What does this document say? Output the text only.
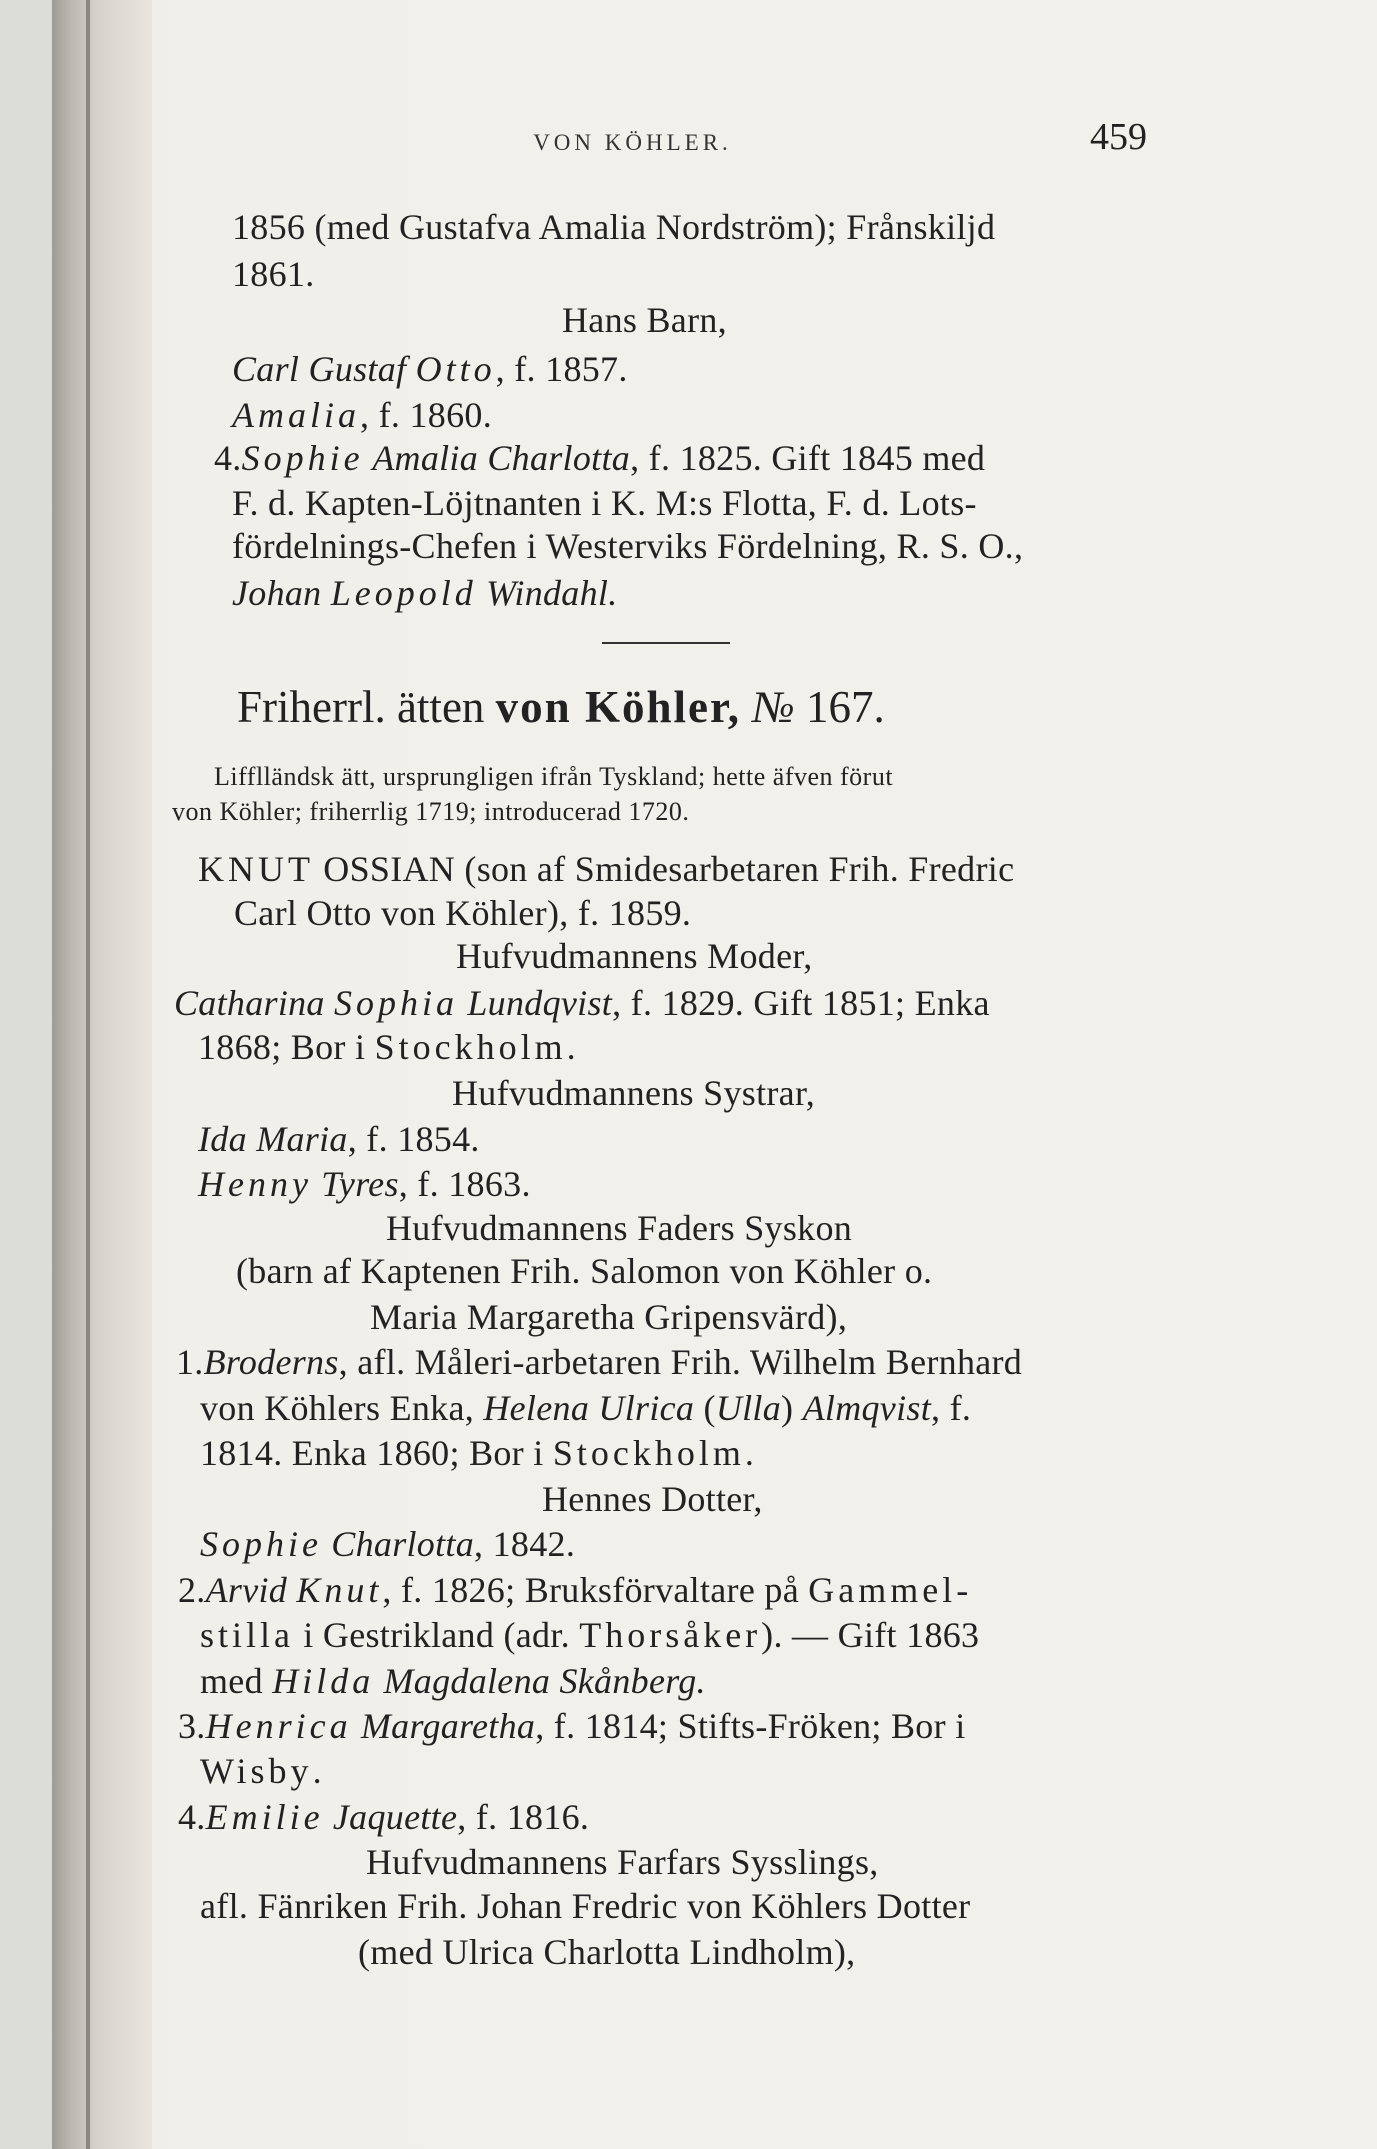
VON KÖHLER.	459
1856 (med Gustafva Amalia Nordström); Frånskiljd
1861.
Hans Barn,
Carl Gustaf Otto, f. 1857.
Amalia, f. 1860.
4.Sophie Amalia Charlotta, f. 1825. Gift 1845 med
F. d. Kapten-Löjtnanten i K. M:s Flotta, F. d. Lots-
fördelnings-Chefen i Westerviks Fördelning, R. S. O.,
Johan Leopold Windahl.
Friherrl. ätten von Köhler, № 167.
Lifflländsk ätt, ursprungligen ifrån Tyskland; hette äfven förut
von Köhler; friherrlig 1719; introducerad 1720.
KNUT OSSIAN (son af Smidesarbetaren Frih. Fredric
Carl Otto von Köhler), f. 1859.
Hufvudmannens Moder,
Catharina Sophia Lundqvist, f. 1829. Gift 1851; Enka
1868; Bor i Stockholm.
Hufvudmannens Systrar,
Ida Maria, f. 1854.
Henny Tyres, f. 1863.
Hufvudmannens Faders Syskon
(barn af Kaptenen Frih. Salomon von Köhler o.
Maria Margaretha Gripensvärd),
1.Broderns, afl. Måleri-arbetaren Frih. Wilhelm Bernhard
von Köhlers Enka, Helena Ulrica (Ulla) Almqvist, f.
1814. Enka 1860; Bor i Stockholm.
Hennes Dotter,
Sophie Charlotta, 1842.
2.Arvid Knut, f. 1826; Bruksförvaltare på Gammel-
stilla i Gestrikland (adr. Thorsåker). — Gift 1863
med Hilda Magdalena Skånberg.
3.Henrica Margaretha, f. 1814; Stifts-Fröken; Bor i
Wisby.
4.Emilie Jaquette, f. 1816.
Hufvudmannens Farfars Sysslings,
afl. Fänriken Frih. Johan Fredric von Köhlers Dotter
(med Ulrica Charlotta Lindholm),
